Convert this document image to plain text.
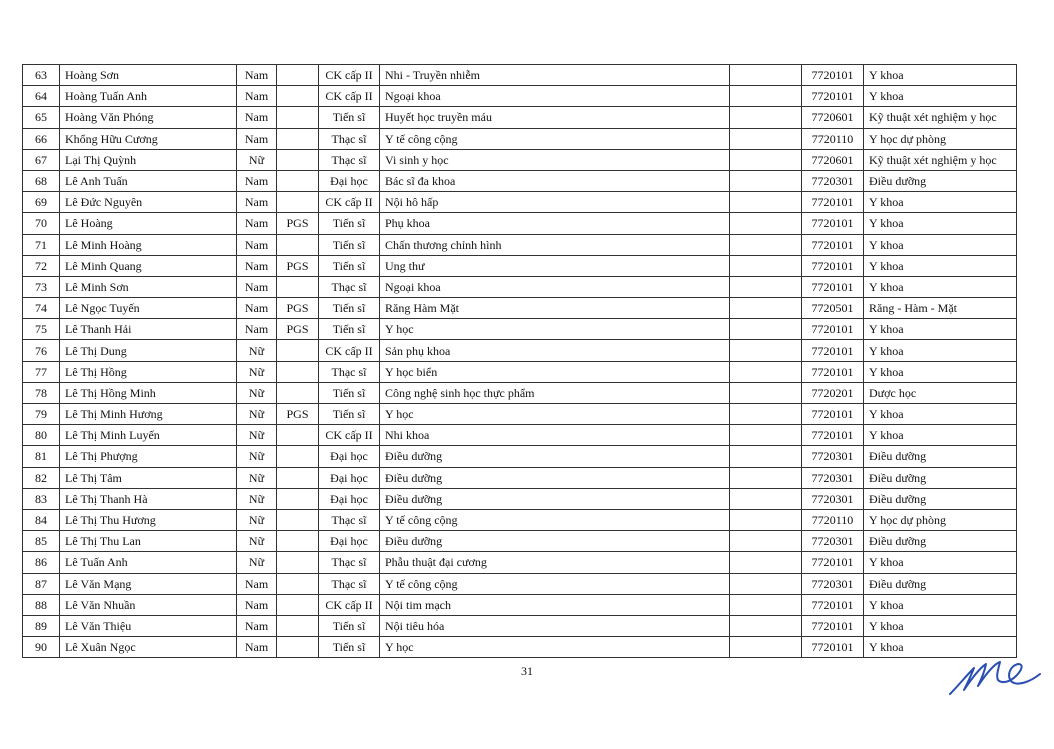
63	Hoàng Sơn	Nam		CK cấp II	Nhi - Truyền nhiễm		7720101	Y khoa
64	Hoàng Tuấn Anh	Nam		CK cấp II	Ngoại khoa		7720101	Y khoa
65	Hoàng Văn Phóng	Nam		Tiến sĩ	Huyết học truyền máu		7720601	Kỹ thuật xét nghiệm y học
66	Khổng Hữu Cương	Nam		Thạc sĩ	Y tế công cộng		7720110	Y học dự phòng
67	Lại Thị Quỳnh	Nữ		Thạc sĩ	Vi sinh y học		7720601	Kỹ thuật xét nghiệm y học
68	Lê Anh Tuấn	Nam		Đại học	Bác sĩ đa khoa		7720301	Điều dưỡng
69	Lê Đức Nguyên	Nam		CK cấp II	Nội hô hấp		7720101	Y khoa
70	Lê Hoàng	Nam	PGS	Tiến sĩ	Phụ khoa		7720101	Y khoa
71	Lê Minh Hoàng	Nam		Tiến sĩ	Chấn thương chỉnh hình		7720101	Y khoa
72	Lê Minh Quang	Nam	PGS	Tiến sĩ	Ung thư		7720101	Y khoa
73	Lê Minh Sơn	Nam		Thạc sĩ	Ngoại khoa		7720101	Y khoa
74	Lê Ngọc Tuyến	Nam	PGS	Tiến sĩ	Răng Hàm Mặt		7720501	Răng - Hàm - Mặt
75	Lê Thanh Hải	Nam	PGS	Tiến sĩ	Y học		7720101	Y khoa
76	Lê Thị Dung	Nữ		CK cấp II	Sản phụ khoa		7720101	Y khoa
77	Lê Thị Hồng	Nữ		Thạc sĩ	Y học biển		7720101	Y khoa
78	Lê Thị Hồng Minh	Nữ		Tiến sĩ	Công nghệ sinh học thực phẩm		7720201	Dược học
79	Lê Thị Minh Hương	Nữ	PGS	Tiến sĩ	Y học		7720101	Y khoa
80	Lê Thị Minh Luyến	Nữ		CK cấp II	Nhi khoa		7720101	Y khoa
81	Lê Thị Phượng	Nữ		Đại học	Điều dưỡng		7720301	Điều dưỡng
82	Lê Thị Tâm	Nữ		Đại học	Điều dưỡng		7720301	Điều dưỡng
83	Lê Thị Thanh Hà	Nữ		Đại học	Điều dưỡng		7720301	Điều dưỡng
84	Lê Thị Thu Hương	Nữ		Thạc sĩ	Y tế công cộng		7720110	Y học dự phòng
85	Lê Thị Thu Lan	Nữ		Đại học	Điều dưỡng		7720301	Điều dưỡng
86	Lê Tuấn Anh	Nữ		Thạc sĩ	Phẫu thuật đại cương		7720101	Y khoa
87	Lê Văn Mạng	Nam		Thạc sĩ	Y tế công cộng		7720301	Điều dưỡng
88	Lê Văn Nhuần	Nam		CK cấp II	Nội tim mạch		7720101	Y khoa
89	Lê Văn Thiệu	Nam		Tiến sĩ	Nội tiêu hóa		7720101	Y khoa
90	Lê Xuân Ngọc	Nam		Tiến sĩ	Y học		7720101	Y khoa
31
